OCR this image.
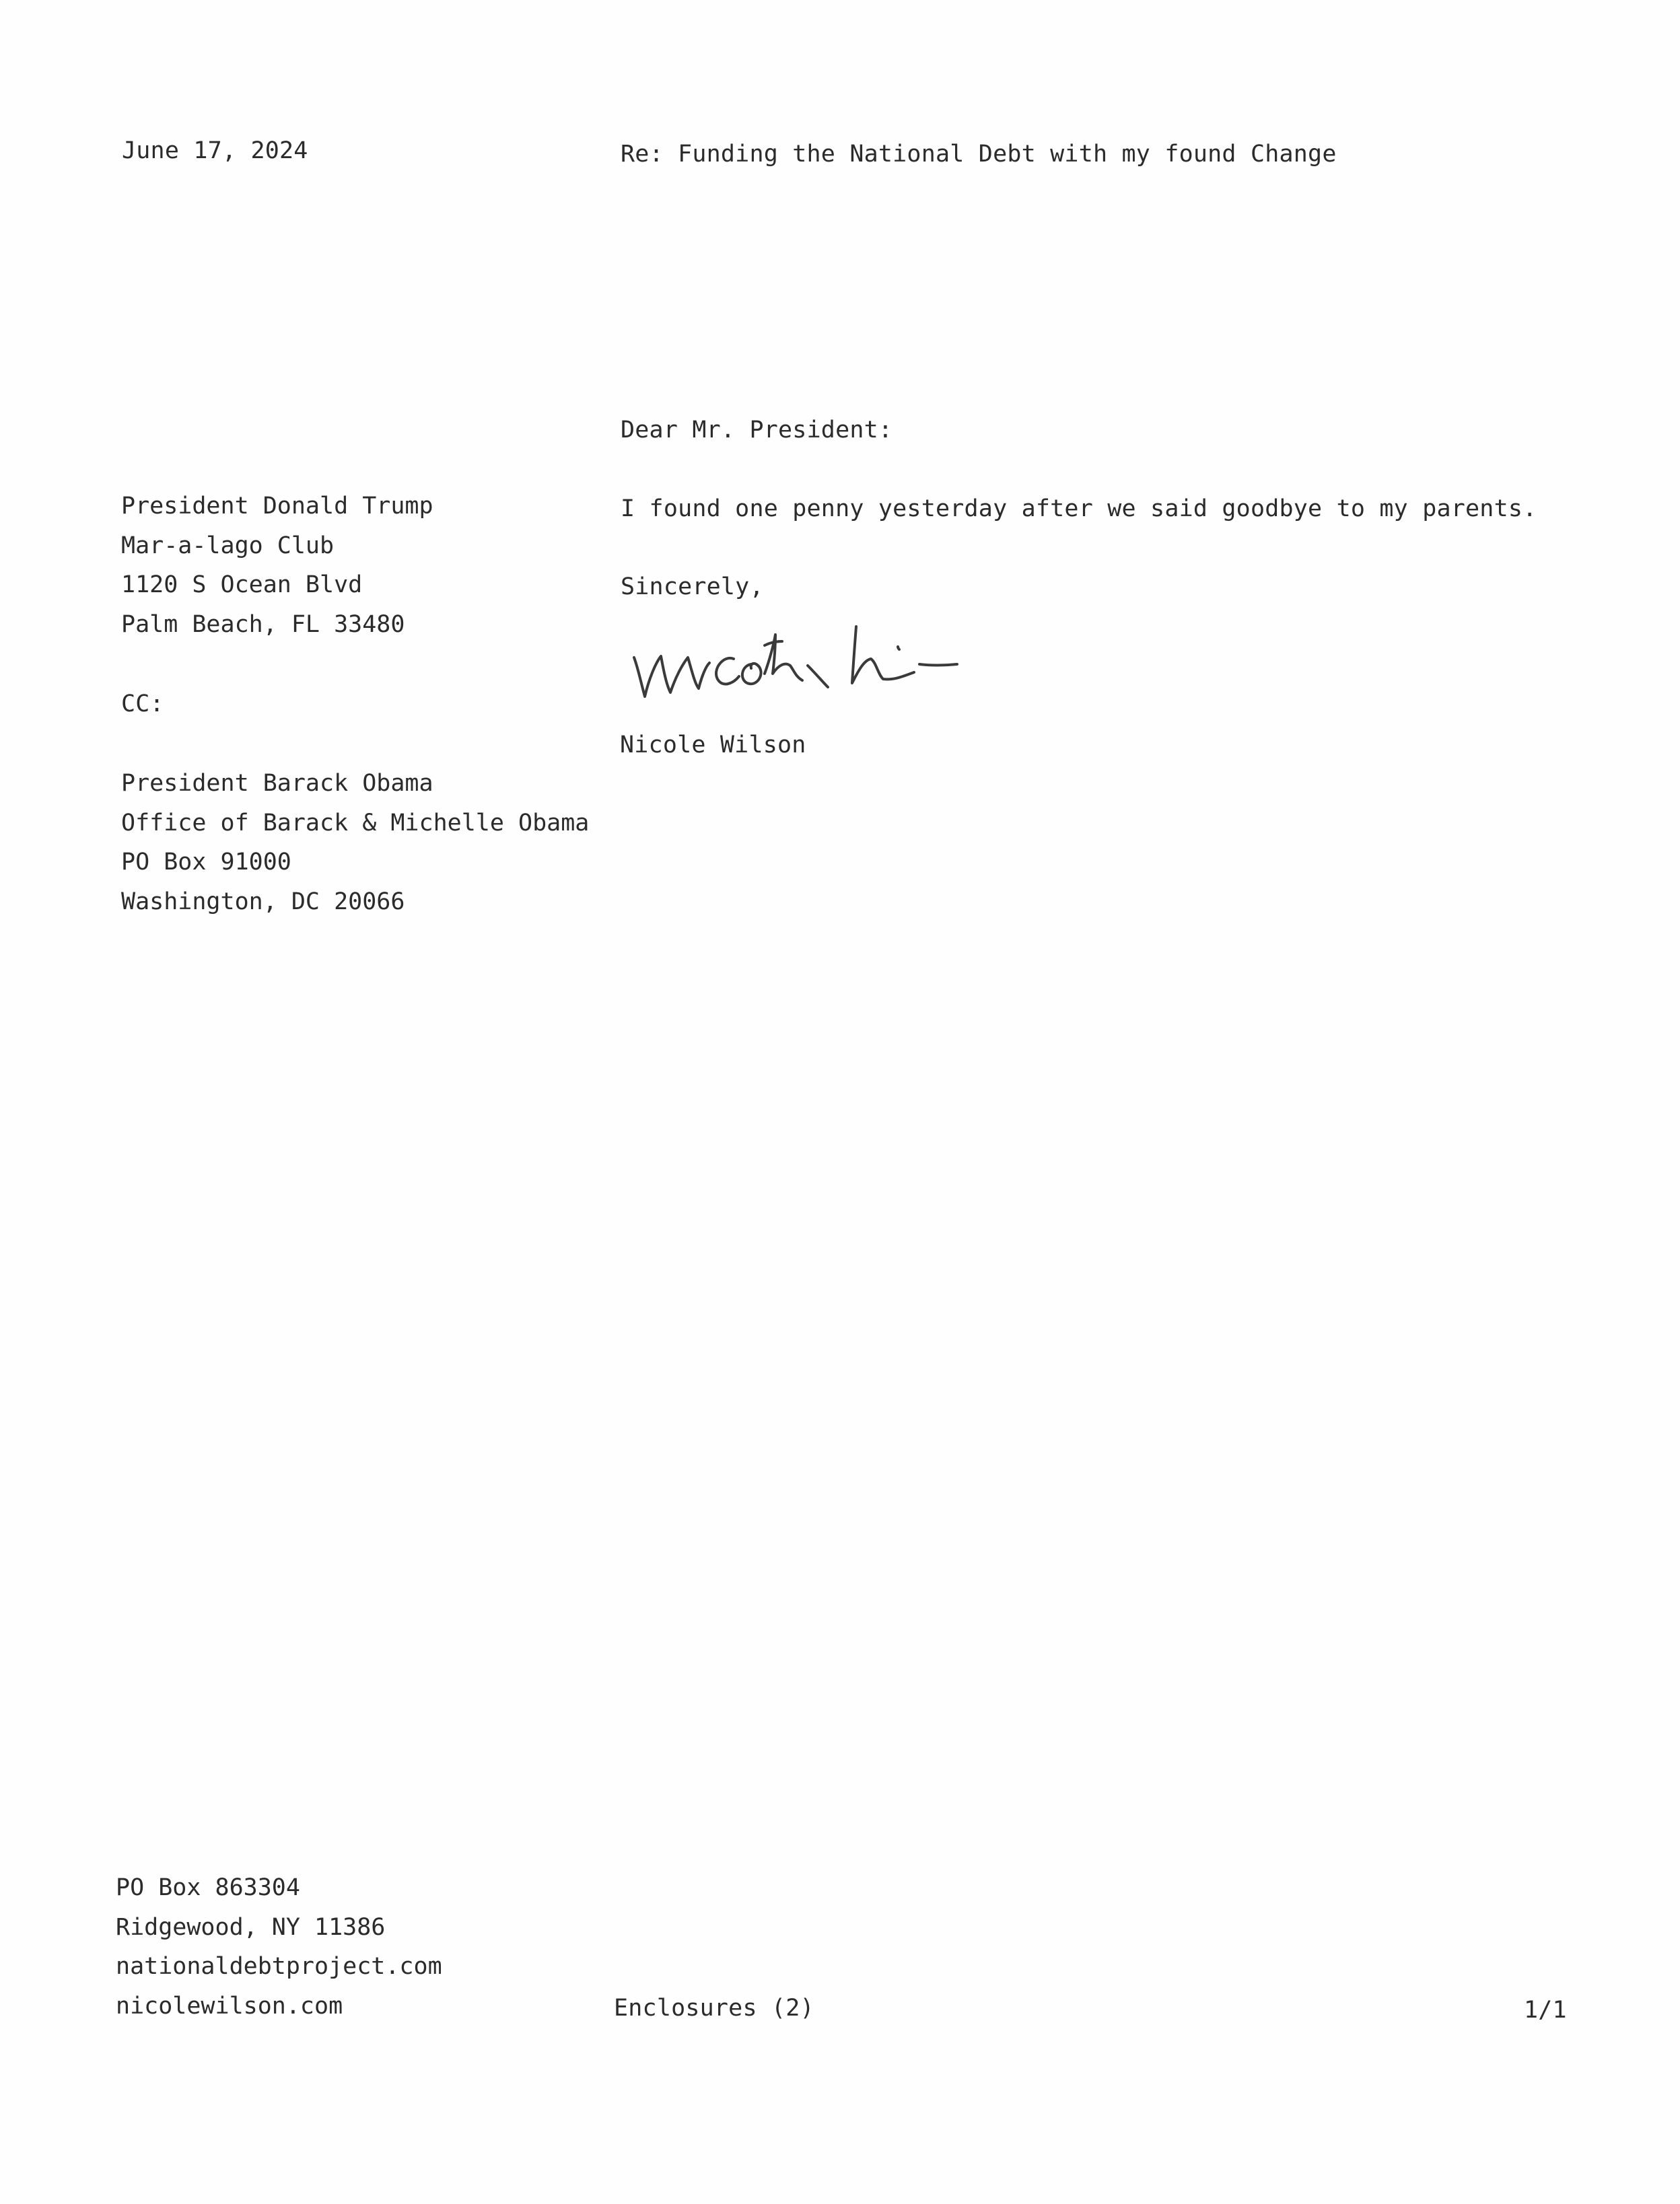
June 17, 2024	Re: Funding the National Debt with my found Change
Dear Mr. President:
President Donald Trump
Mar-a-lago Club
1120 S Ocean Blvd
Palm Beach, FL 33480
I found one penny yesterday after we said goodbye to my parents.
Sincerely,
Nicole Wilson
CC:
President Barack Obama
Office of Barack & Michelle Obama
PO Box 91000
Washington, DC 20066
PO Box 863304
Ridgewood, NY 11386
nationaldebtproject.com
nicolewilson.com	Enclosures (2)	1/1
